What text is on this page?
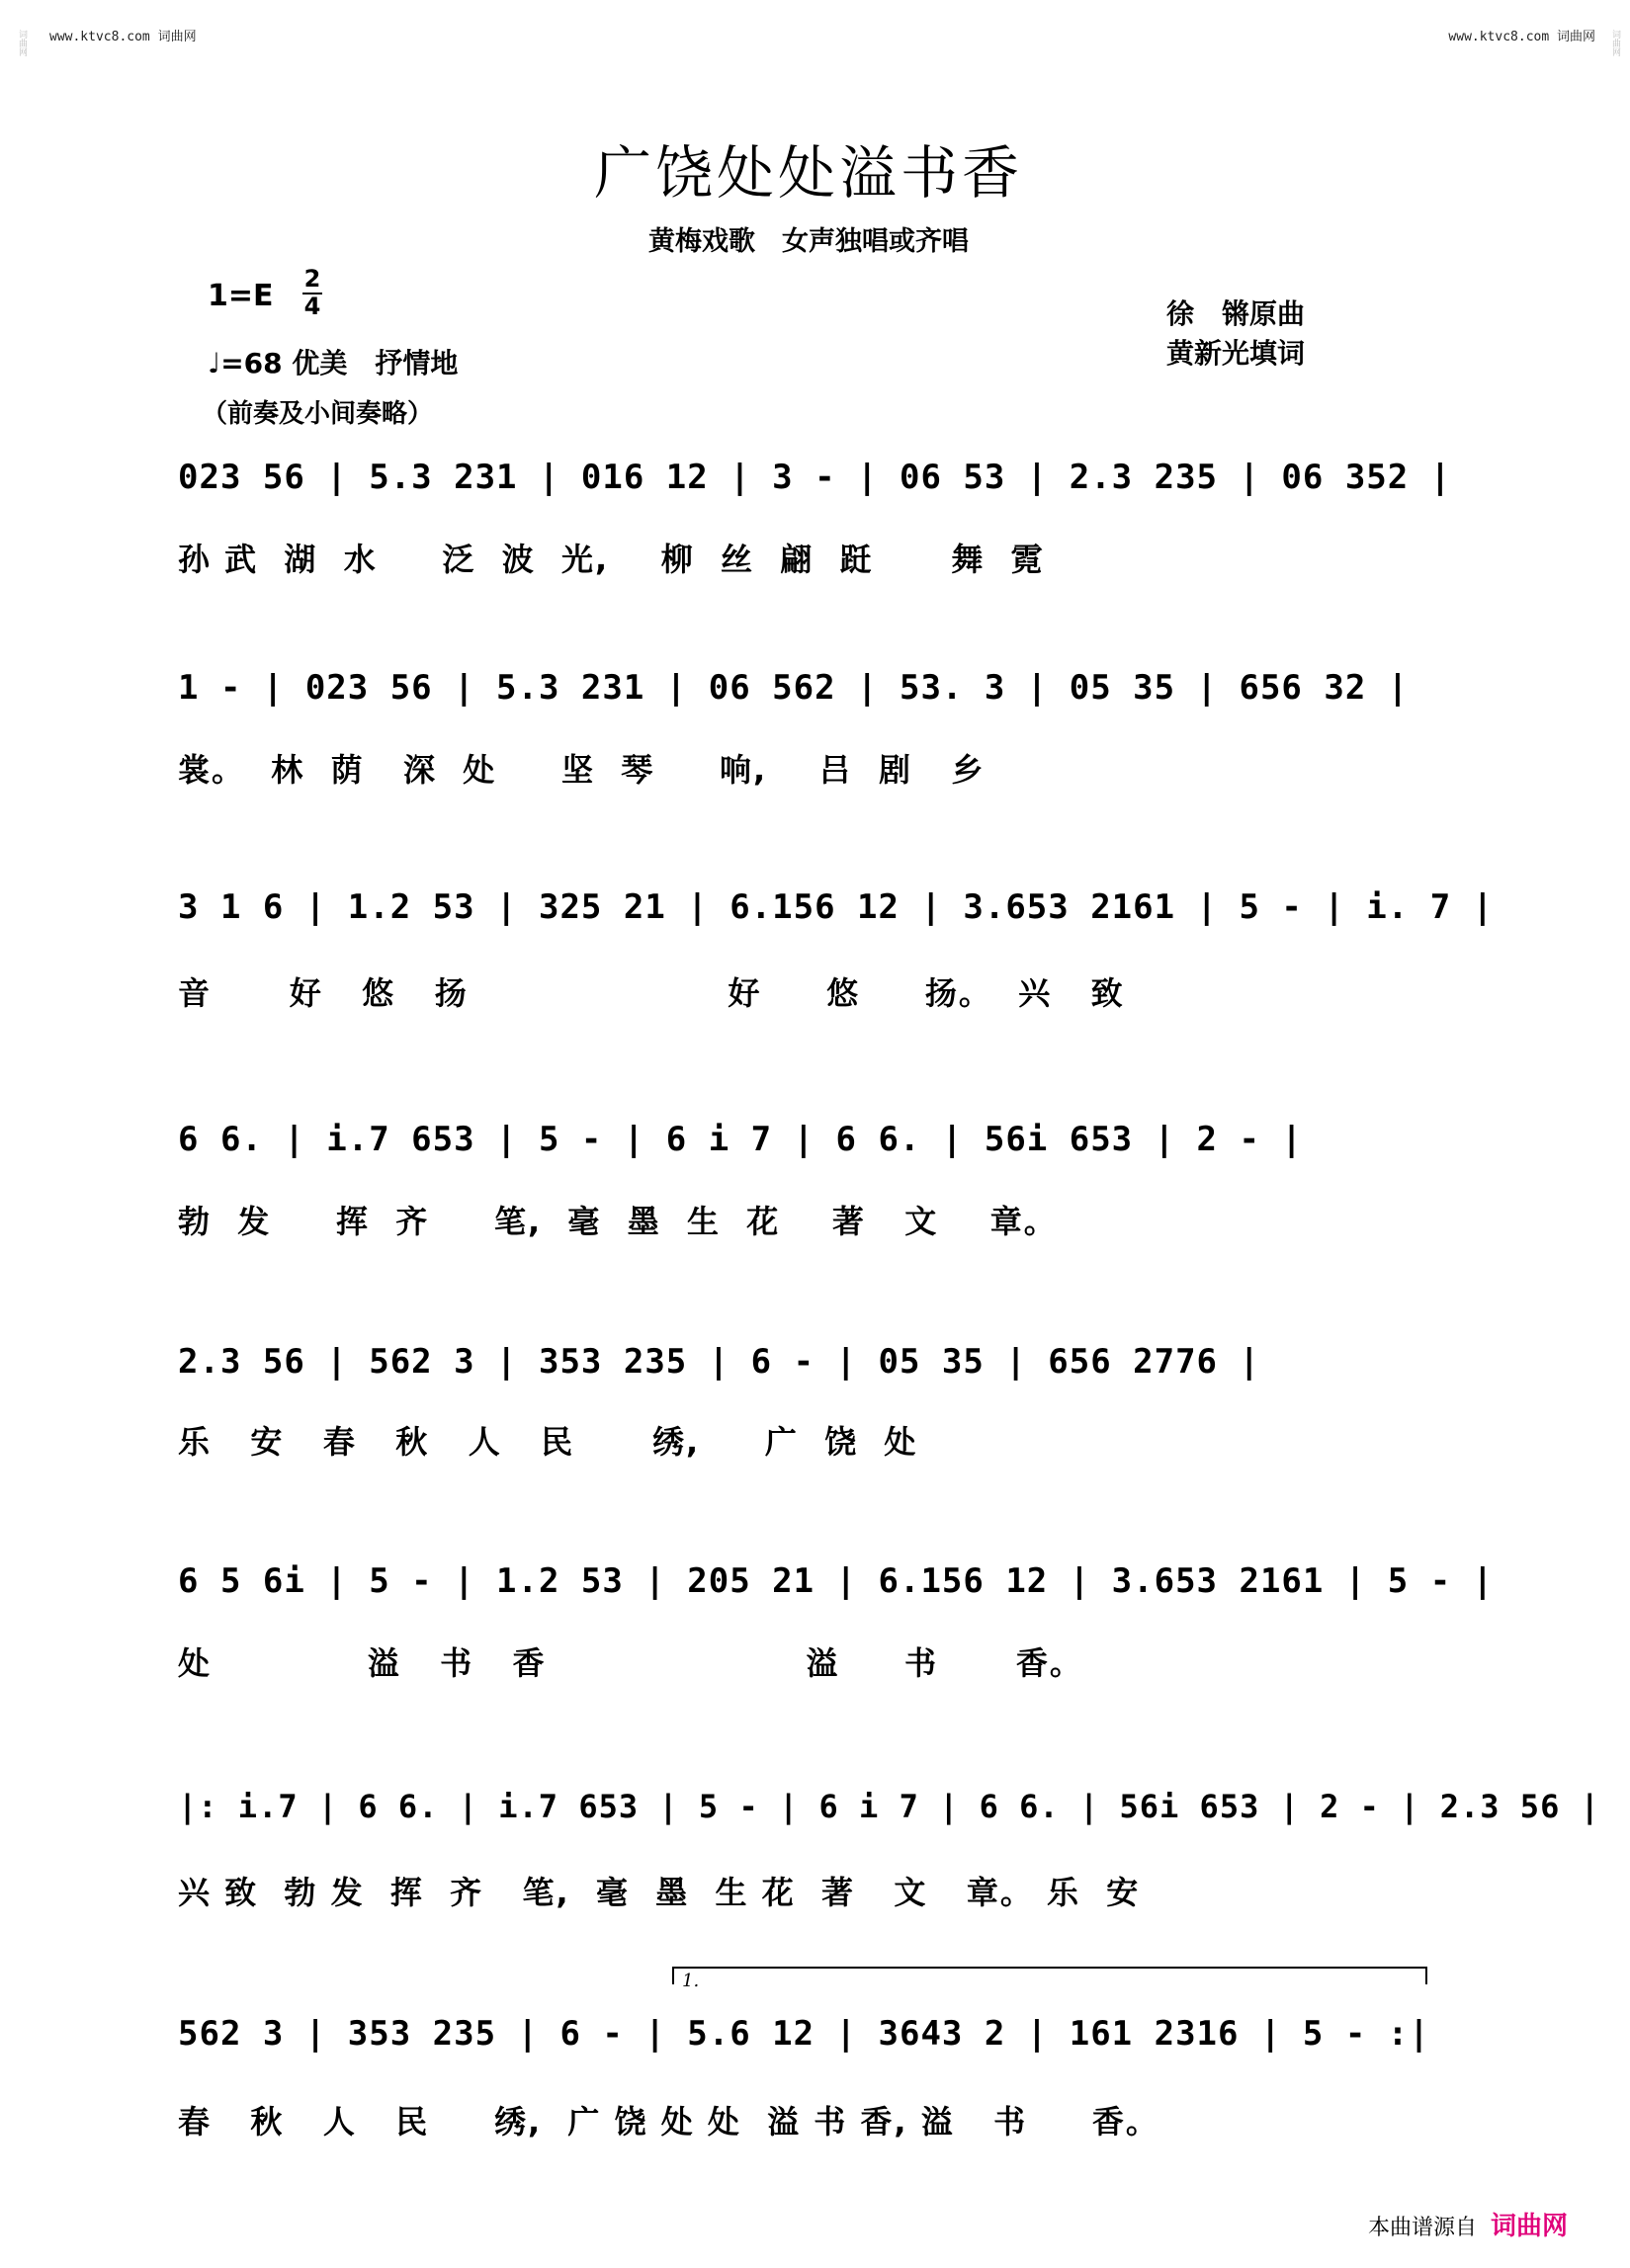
www.ktvc8.com 词曲网	www.ktvc8.com 词曲网
词曲网	词曲网
广饶处处溢书香
黄梅戏歌　女声独唱或齐唱
1=E 2
4
♩=68 优美　抒情地
（前奏及小间奏略）
徐　锵原曲
黄新光填词
023 56 | 5.3 231 | 016 12 | 3 - | 06 53 | 2.3 235 | 06 352 |
孙 武  湖  水     泛  波  光,    柳  丝  翩  跹      舞  霓
1 - | 023 56 | 5.3 231 | 06 562 | 53. 3 | 05 35 | 656 32 |
裳。  林  荫   深  处     坚  琴     响,    吕  剧   乡
3 1 6 | 1.2 53 | 325 21 | 6.156 12 | 3.653 2161 | 5 - | i. 7 |
音      好   悠   扬                    好     悠     扬。  兴   致
6 6. | i.7 653 | 5 - | 6 i 7 | 6 6. | 56i 653 | 2 - |
勃  发     挥  齐     笔,  毫  墨  生  花    著   文    章。
2.3 56 | 562 3 | 353 235 | 6 - | 05 35 | 656 2776 |
乐   安   春   秋   人   民      绣,     广  饶  处
6 5 6i | 5 - | 1.2 53 | 205 21 | 6.156 12 | 3.653 2161 | 5 - |
处            溢   书   香                    溢     书      香。
|: i.7 | 6 6. | i.7 653 | 5 - | 6 i 7 | 6 6. | 56i 653 | 2 - | 2.3 56 |
兴 致  勃 发  挥  齐   笔,  毫  墨  生 花  著   文   章。 乐  安
1.
562 3 | 353 235 | 6 - | 5.6 12 | 3643 2 | 161 2316 | 5 - :|
春   秋   人   民     绣,  广 饶 处 处  溢 书 香, 溢   书     香。
本曲谱源自 词曲网
